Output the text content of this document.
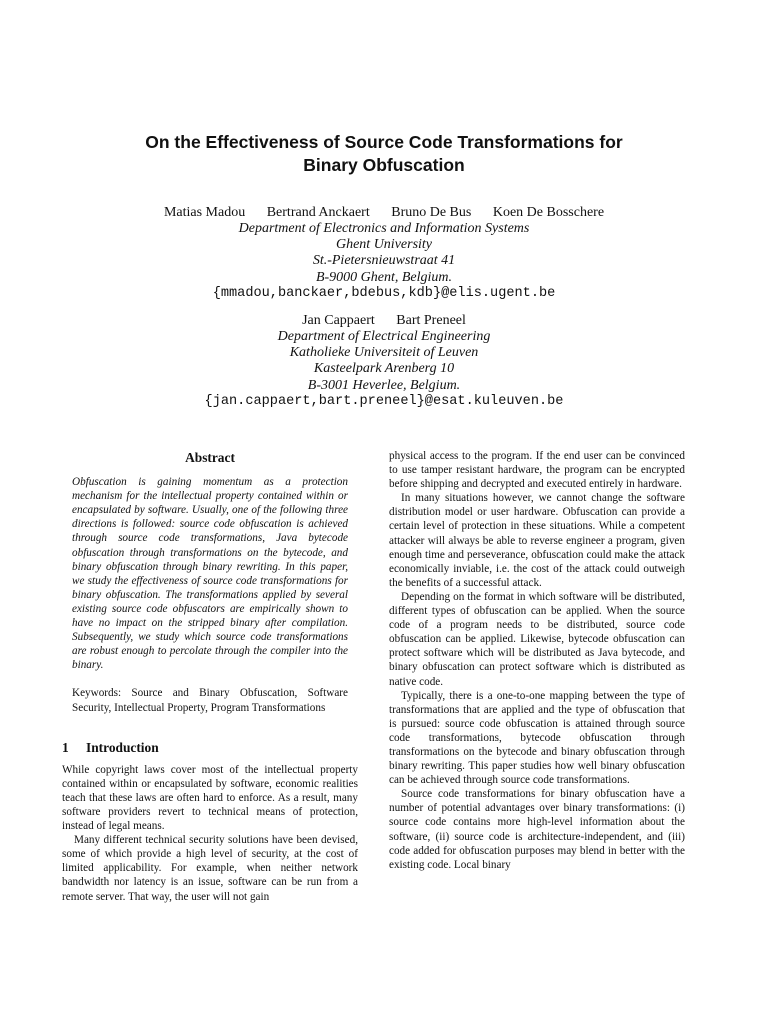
On the Effectiveness of Source Code Transformations for
Binary Obfuscation
Matias Madou Bertrand Anckaert Bruno De Bus Koen De Bosschere
Department of Electronics and Information Systems
Ghent University
St.-Pietersnieuwstraat 41
B-9000 Ghent, Belgium.
{mmadou,banckaer,bdebus,kdb}@elis.ugent.be
Jan Cappaert Bart Preneel
Department of Electrical Engineering
Katholieke Universiteit of Leuven
Kasteelpark Arenberg 10
B-3001 Heverlee, Belgium.
{jan.cappaert,bart.preneel}@esat.kuleuven.be
Abstract

Obfuscation is gaining momentum as a protection mechanism for the intellectual property contained within or encapsulated by software. Usually, one of the following three directions is followed: source code obfuscation is achieved through source code transformations, Java bytecode obfuscation through transformations on the bytecode, and binary obfuscation through binary rewriting. In this paper, we study the effectiveness of source code transformations for binary obfuscation. The transformations applied by several existing source code obfuscators are empirically shown to have no impact on the stripped binary after compilation. Subsequently, we study which source code transformations are robust enough to percolate through the compiler into the binary.

Keywords: Source and Binary Obfuscation, Software Security, Intellectual Property, Program Transformations

1 Introduction

While copyright laws cover most of the intellectual property contained within or encapsulated by software, economic realities teach that these laws are often hard to enforce. As a result, many software providers revert to technical means of protection, instead of legal means.

Many different technical security solutions have been devised, some of which provide a high level of security, at the cost of limited applicability. For example, when neither network bandwidth nor latency is an issue, software can be run from a remote server. That way, the user will not gain

physical access to the program. If the end user can be convinced to use tamper resistant hardware, the program can be encrypted before shipping and decrypted and executed entirely in hardware.

In many situations however, we cannot change the software distribution model or user hardware. Obfuscation can provide a certain level of protection in these situations. While a competent attacker will always be able to reverse engineer a program, given enough time and perseverance, obfuscation could make the attack economically inviable, i.e. the cost of the attack could outweigh the benefits of a successful attack.

Depending on the format in which software will be distributed, different types of obfuscation can be applied. When the source code of a program needs to be distributed, source code obfuscation can be applied. Likewise, bytecode obfuscation can protect software which will be distributed as Java bytecode, and binary obfuscation can protect software which is distributed as native code.

Typically, there is a one-to-one mapping between the type of transformations that are applied and the type of obfuscation that is pursued: source code obfuscation is attained through source code transformations, bytecode obfuscation through transformations on the bytecode and binary obfuscation through binary rewriting. This paper studies how well binary obfuscation can be achieved through source code transformations.

Source code transformations for binary obfuscation have a number of potential advantages over binary transformations: (i) source code contains more high-level information about the software, (ii) source code is architecture-independent, and (iii) code added for obfuscation purposes may blend in better with the existing code. Local binary
